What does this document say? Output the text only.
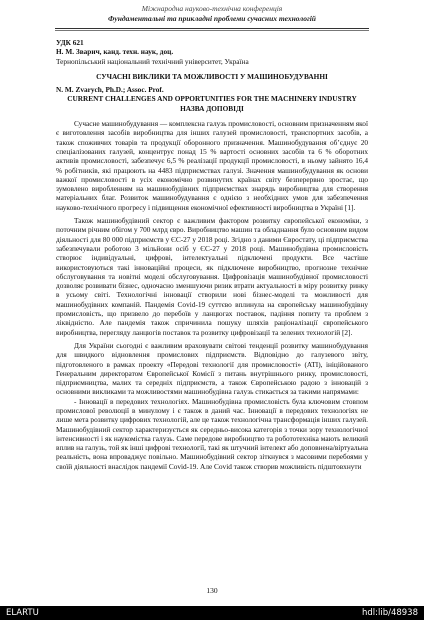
Міжнародна науково-технічна конференція
Фундаментальні та прикладні проблеми сучасних технологій

УДК 621

Н. М. Зварич, канд. техн. наук, доц.

Тернопільський національний технічний університет, Україна

СУЧАСНІ ВИКЛИКИ ТА МОЖЛИВОСТІ У МАШИНОБУДУВАННІ

N. M. Zvarych, Ph.D.; Assoc. Prof.

CURRENT CHALLENGES AND OPPORTUNITIES FOR THE MACHINERY INDUSTRY

НАЗВА ДОПОВІДІ

Сучасне машинобудування — комплексна галузь промисловості, основним призначенням якої є виготовлення засобів виробництва для інших галузей промисловості, транспортних засобів, а також споживчих товарів та продукції оборонного призначення. Машинобудування об’єднує 20 спеціалізованих галузей, концентрує понад 15 % вартості основних засобів та 6 % оборотних активів промисловості, забезпечує 6,5 % реалізації продукції промисловості, в ньому зайнято 16,4 % робітників, які працюють на 4483 підприємствах галузі. Значення машинобудування як основи важкої промисловості в усіх економічно розвинутих країнах світу безперервно зростає, що зумовлено виробленням на машинобудівних підприємствах знарядь виробництва для створення матеріальних благ. Розвиток машинобудування є однією з необхідних умов для забезпечення науково-технічного прогресу і підвищення економічної ефективності виробництва в Україні [1].

Також машинобудівний сектор є важливим фактором розвитку європейської економіки, з поточним річним обігом у 700 млрд євро. Виробництво машин та обладнання було основним видом діяльності для 80 000 підприємств у ЄС-27 у 2018 році. Згідно з даними Євростату, ці підприємства забезпечували роботою 3 мільйони осіб у ЄС-27 у 2018 році. Машинобудівна промисловість створює індивідуальні, цифрові, інтелектуальні підключені продукти. Все частіше використовуються такі інноваційні процеси, як підключене виробництво, прогнозне технічне обслуговування та новітні моделі обслуговування. Цифровізація машинобудівної промисловості дозволяє розвивати бізнес, одночасно зменшуючи ризик втрати актуальності в міру розвитку ринку в усьому світі. Технологічні інновації створили нові бізнес-моделі та можливості для машинобудівних компаній. Пандемія Covid-19 суттєво вплинула на європейську машинобудівну промисловість, що призвело до перебоїв у ланцюгах поставок, падіння попиту та проблем з ліквідністю. Але пандемія також спричинила пошуку шляхів раціоналізації європейського виробництва, перегляду ланцюгів поставок та розвитку цифровізації та зелених технологій [2].

Для України сьогодні є важливим враховувати світові тенденції розвитку машинобудування для швидкого відновлення промислових підприємств. Відповідно до галузевого звіту, підготовленого в рамках проекту «Передові технології для промисловості» (ATI), ініційованого Генеральним директоратом Європейської Комісії з питань внутрішнього ринку, промисловості, підприємництва, малих та середніх підприємств, а також Європейською радою з інновацій з основними викликами та можливостями машинобудівна галузь стикається за такими напрямами:

- Інновації в передових технологіях. Машинобудівна промисловість була ключовим стовпом промислової революції в минулому і є також в даний час. Інновації в передових технологіях не лише мета розвитку цифрових технологій, але це також технологічна трансформація інших галузей. Машинобудівний сектор характеризується як середньо-висока категорія з точки зору технологічної інтенсивності і як наукомістка галузь. Саме передове виробництво та робототехніка мають великий вплив на галузь, той як інші цифрові технології, такі як штучний інтелект або доповнена/віртуальна реальність, вона впроваджує повільно. Машинобудівний сектор зіткнувся з масовими перебоями у своїй діяльності внаслідок пандемії Covid-19. Але Covid також створив можливість підштовхнути

130
ELARTU	hdl:lib/48938
